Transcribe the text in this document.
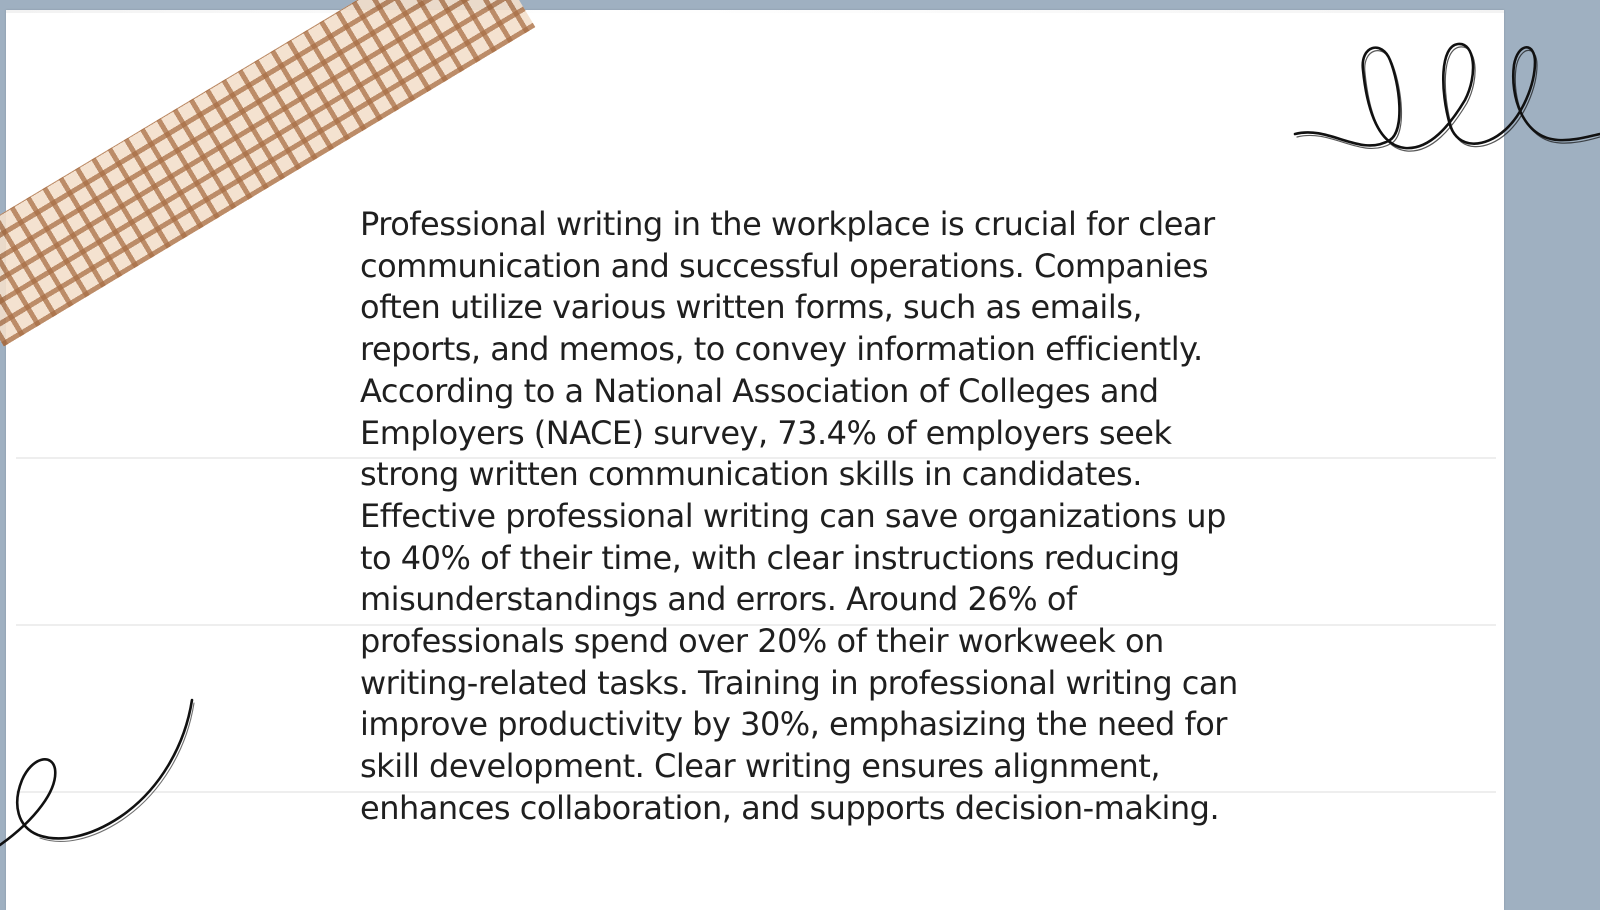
Professional writing in the workplace is crucial for clear communication and successful operations. Companies often utilize various written forms, such as emails, reports, and memos, to convey information efficiently. According to a National Association of Colleges and Employers (NACE) survey, 73.4% of employers seek strong written communication skills in candidates. Effective professional writing can save organizations up to 40% of their time, with clear instructions reducing misunderstandings and errors. Around 26% of professionals spend over 20% of their workweek on writing-related tasks. Training in professional writing can improve productivity by 30%, emphasizing the need for skill development. Clear writing ensures alignment, enhances collaboration, and supports decision-making.
